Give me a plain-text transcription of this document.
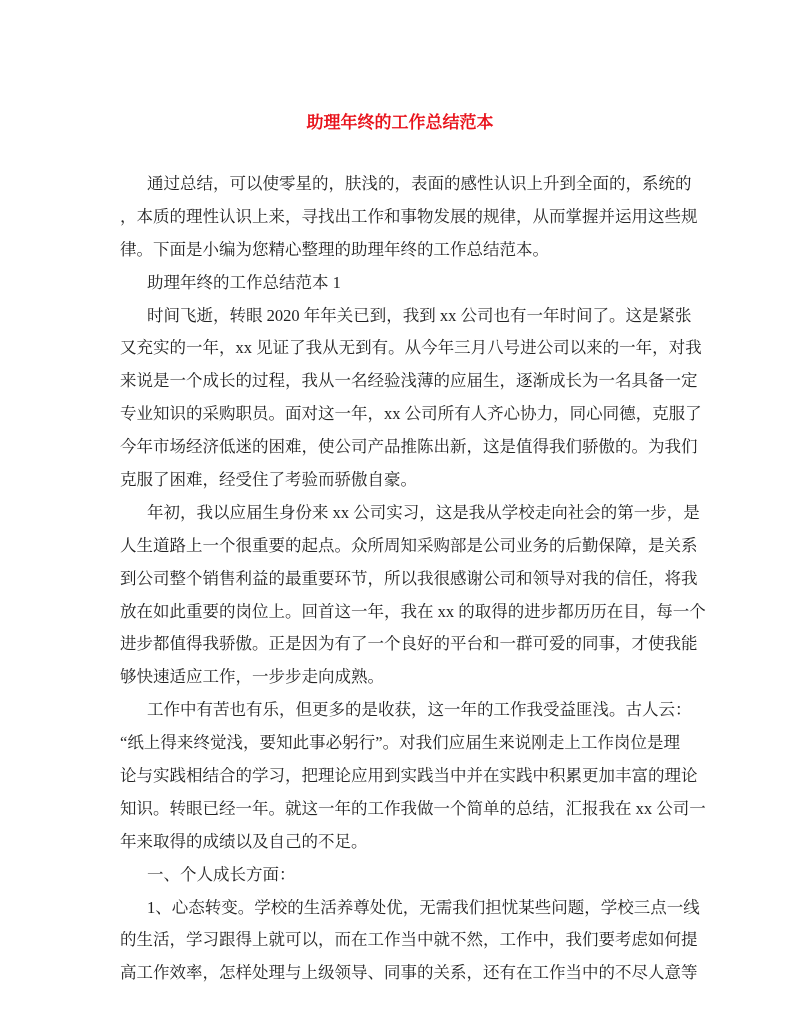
助理年终的工作总结范本
通过总结，可以使零星的，肤浅的，表面的感性认识上升到全面的，系统的
，本质的理性认识上来，寻找出工作和事物发展的规律，从而掌握并运用这些规
律。下面是小编为您精心整理的助理年终的工作总结范本。
助理年终的工作总结范本 1
时间飞逝，转眼 2020 年年关已到，我到 xx 公司也有一年时间了。这是紧张
又充实的一年，xx 见证了我从无到有。从今年三月八号进公司以来的一年，对我
来说是一个成长的过程，我从一名经验浅薄的应届生，逐渐成长为一名具备一定
专业知识的采购职员。面对这一年，xx 公司所有人齐心协力，同心同德，克服了
今年市场经济低迷的困难，使公司产品推陈出新，这是值得我们骄傲的。为我们
克服了困难，经受住了考验而骄傲自豪。
年初，我以应届生身份来 xx 公司实习，这是我从学校走向社会的第一步，是
人生道路上一个很重要的起点。众所周知采购部是公司业务的后勤保障，是关系
到公司整个销售利益的最重要环节，所以我很感谢公司和领导对我的信任，将我
放在如此重要的岗位上。回首这一年，我在 xx 的取得的进步都历历在目，每一个
进步都值得我骄傲。正是因为有了一个良好的平台和一群可爱的同事，才使我能
够快速适应工作，一步步走向成熟。
工作中有苦也有乐，但更多的是收获，这一年的工作我受益匪浅。古人云：
“纸上得来终觉浅，要知此事必躬行”。对我们应届生来说刚走上工作岗位是理
论与实践相结合的学习，把理论应用到实践当中并在实践中积累更加丰富的理论
知识。转眼已经一年。就这一年的工作我做一个简单的总结，汇报我在 xx 公司一
年来取得的成绩以及自己的不足。
一、个人成长方面：
1、心态转变。学校的生活养尊处优，无需我们担忧某些问题，学校三点一线
的生活，学习跟得上就可以，而在工作当中就不然，工作中，我们要考虑如何提
高工作效率，怎样处理与上级领导、同事的关系，还有在工作当中的不尽人意等
